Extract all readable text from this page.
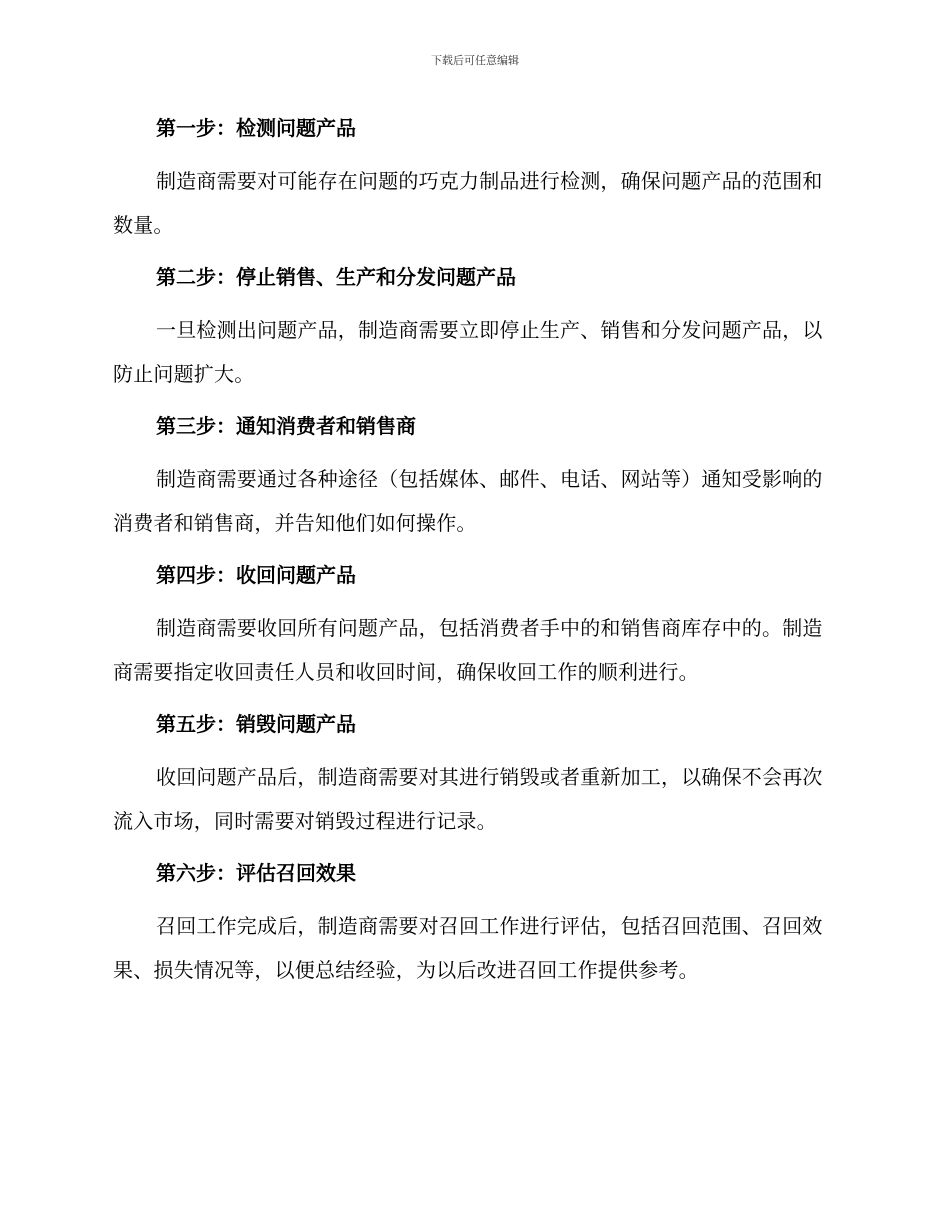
下载后可任意编辑
第一步：检测问题产品
制造商需要对可能存在问题的巧克力制品进行检测，确保问题产品的范围和数量。
第二步：停止销售、生产和分发问题产品
一旦检测出问题产品，制造商需要立即停止生产、销售和分发问题产品，以防止问题扩大。
第三步：通知消费者和销售商
制造商需要通过各种途径（包括媒体、邮件、电话、网站等）通知受影响的消费者和销售商，并告知他们如何操作。
第四步：收回问题产品
制造商需要收回所有问题产品，包括消费者手中的和销售商库存中的。制造商需要指定收回责任人员和收回时间，确保收回工作的顺利进行。
第五步：销毁问题产品
收回问题产品后，制造商需要对其进行销毁或者重新加工，以确保不会再次流入市场，同时需要对销毁过程进行记录。
第六步：评估召回效果
召回工作完成后，制造商需要对召回工作进行评估，包括召回范围、召回效果、损失情况等，以便总结经验，为以后改进召回工作提供参考。
